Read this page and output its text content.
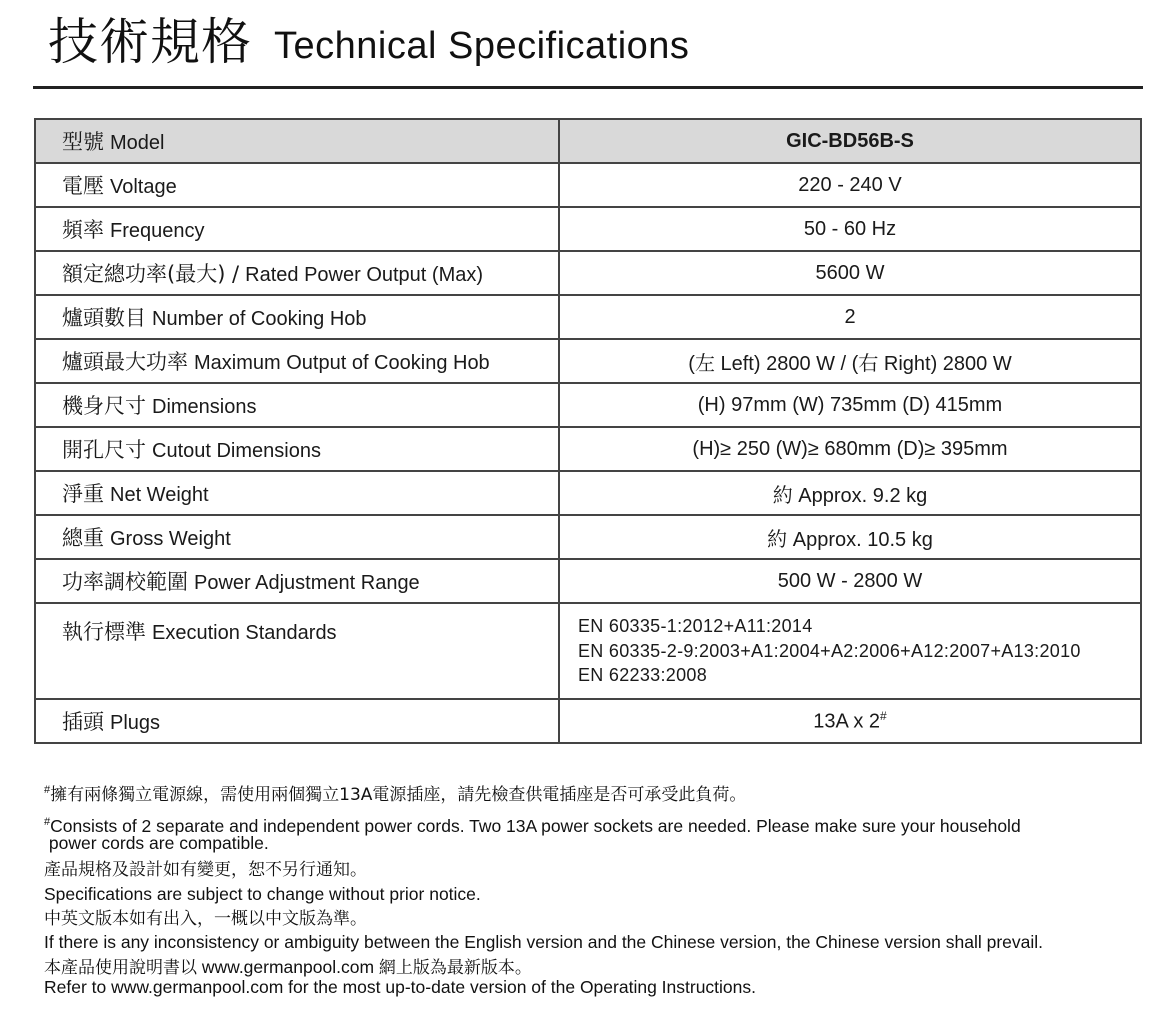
技術規格 Technical Specifications
型號 Model	GIC-BD56B-S
電壓 Voltage	220 - 240 V
頻率 Frequency	50 - 60 Hz
額定總功率(最大) / Rated Power Output (Max)	5600 W
爐頭數目 Number of Cooking Hob	2
爐頭最大功率 Maximum Output of Cooking Hob	(左 Left) 2800 W / (右 Right) 2800 W
機身尺寸 Dimensions	(H) 97mm (W) 735mm (D) 415mm
開孔尺寸 Cutout Dimensions	(H)≥ 250 (W)≥ 680mm (D)≥ 395mm
淨重 Net Weight	約 Approx. 9.2 kg
總重 Gross Weight	約 Approx. 10.5 kg
功率調校範圍 Power Adjustment Range	500 W - 2800 W
執行標準 Execution Standards	EN 60335-1:2012+A11:2014
EN 60335-2-9:2003+A1:2004+A2:2006+A12:2007+A13:2010
EN 62233:2008

插頭 Plugs	13A x 2#
#擁有兩條獨立電源線，需使用兩個獨立13A電源插座，請先檢查供電插座是否可承受此負荷。
#Consists of 2 separate and independent power cords. Two 13A power sockets are needed. Please make sure your household
power cords are compatible.
產品規格及設計如有變更，恕不另行通知。
Specifications are subject to change without prior notice.
中英文版本如有出入，一概以中文版為準。
If there is any inconsistency or ambiguity between the English version and the Chinese version, the Chinese version shall prevail.
本產品使用說明書以 www.germanpool.com 網上版為最新版本。
Refer to www.germanpool.com for the most up-to-date version of the Operating Instructions.
